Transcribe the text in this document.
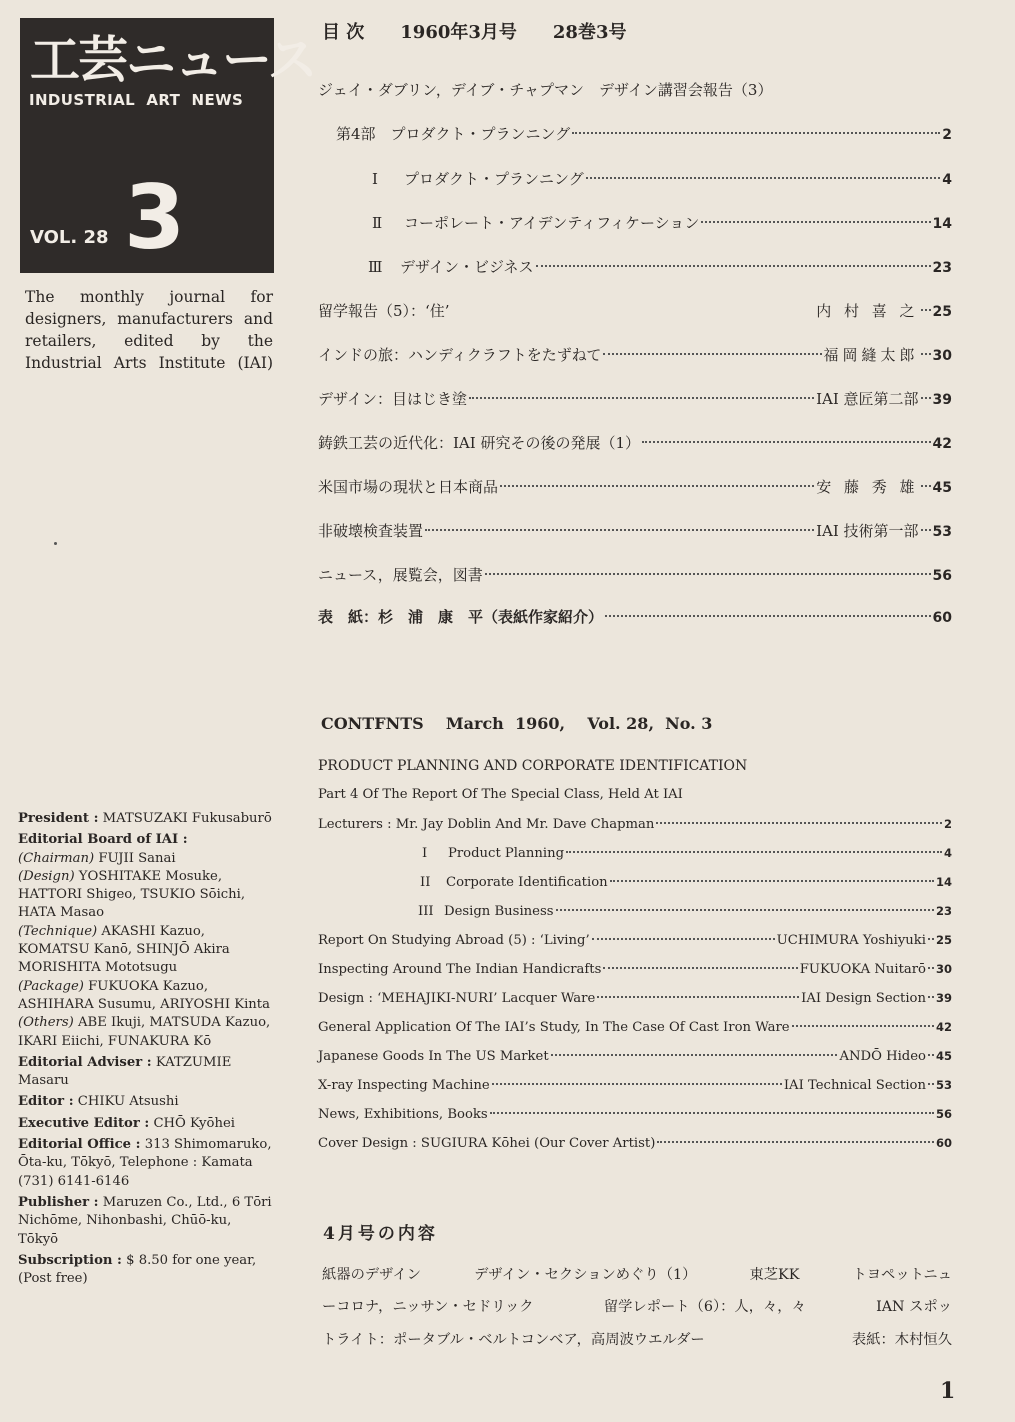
工芸ニュース
INDUSTRIAL  ART  NEWS
VOL. 28 3
The monthly journal for designers, manufacturers and retailers, edited by the Industrial Arts Institute (IAI)

President : MATSUZAKI Fukusaburō

Editorial Board of IAI :

(Chairman) FUJII Sanai

(Design) YOSHITAKE Mosuke, HATTORI Shigeo, TSUKIO Sōichi, HATA Masao

(Technique) AKASHI Kazuo, KOMATSU Kanō, SHINJŌ Akira MORISHITA Mototsugu

(Package) FUKUOKA Kazuo, ASHIHARA Susumu, ARIYOSHI Kinta

(Others) ABE Ikuji, MATSUDA Kazuo, IKARI Eiichi, FUNAKURA Kō

Editorial Adviser : KATZUMIE Masaru

Editor : CHIKU Atsushi

Executive Editor : CHŌ Kyōhei

Editorial Office : 313 Shimomaruko, Ōta-ku, Tōkyō, Telephone : Kamata (731) 6141-6146

Publisher : Maruzen Co., Ltd., 6 Tōri Nichōme, Nihonbashi, Chūō-ku, Tōkyō

Subscription : $ 8.50 for one year, (Post free)

目 次 1960年3月号 28巻3号
ジェイ・ダブリン，デイブ・チャプマン　デザイン講習会報告（3）
第4部　プロダクト・プランニング	2
Ⅰ	プロダクト・プランニング	4
Ⅱ	コーポレート・アイデンティフィケーション	14
Ⅲ	デザイン・ビジネス	23
留学報告（5）：‘住’	内 村 喜 之 25
インドの旅：ハンディクラフトをたずねて	福岡縫太郎 30
デザイン：目はじき塗	IAI 意匠第二部 39
鋳鉄工芸の近代化：IAI 研究その後の発展（1）	42
米国市場の現状と日本商品	安 藤 秀 雄 45
非破壊検査装置	IAI 技術第一部 53
ニュース，展覧会，図書	56
表　紙：杉　浦　康　平（表紙作家紹介）	60
CONTFNTS    March  1960,    Vol. 28,  No. 3
PRODUCT PLANNING AND CORPORATE IDENTIFICATION
Part 4 Of The Report Of The Special Class, Held At IAI
Lecturers : Mr. Jay Doblin And Mr. Dave Chapman	2
I	Product Planning	4
II	Corporate Identification	14
III Design Business	23
Report On Studying Abroad (5) : ‘Living’	UCHIMURA Yoshiyuki 25
Inspecting Around The Indian Handicrafts	FUKUOKA Nuitarō 30
Design : ‘MEHAJIKI-NURI’ Lacquer Ware	IAI Design Section 39
General Application Of The IAI’s Study, In The Case Of Cast Iron Ware	42
Japanese Goods In The US Market	ANDŌ Hideo 45
X-ray Inspecting Machine	IAI Technical Section 53
News, Exhibitions, Books	56
Cover Design : SUGIURA Kōhei (Our Cover Artist)	60
4月号の内容
紙器のデザイン	デザイン・セクションめぐり（1）	東芝KK	トヨペットニュ
ーコロナ，ニッサン・セドリック	留学レポート（6）：人，々，々	IAN スポッ
トライト：ポータブル・ベルトコンベア，高周波ウエルダー	表紙：木村恒久
1
